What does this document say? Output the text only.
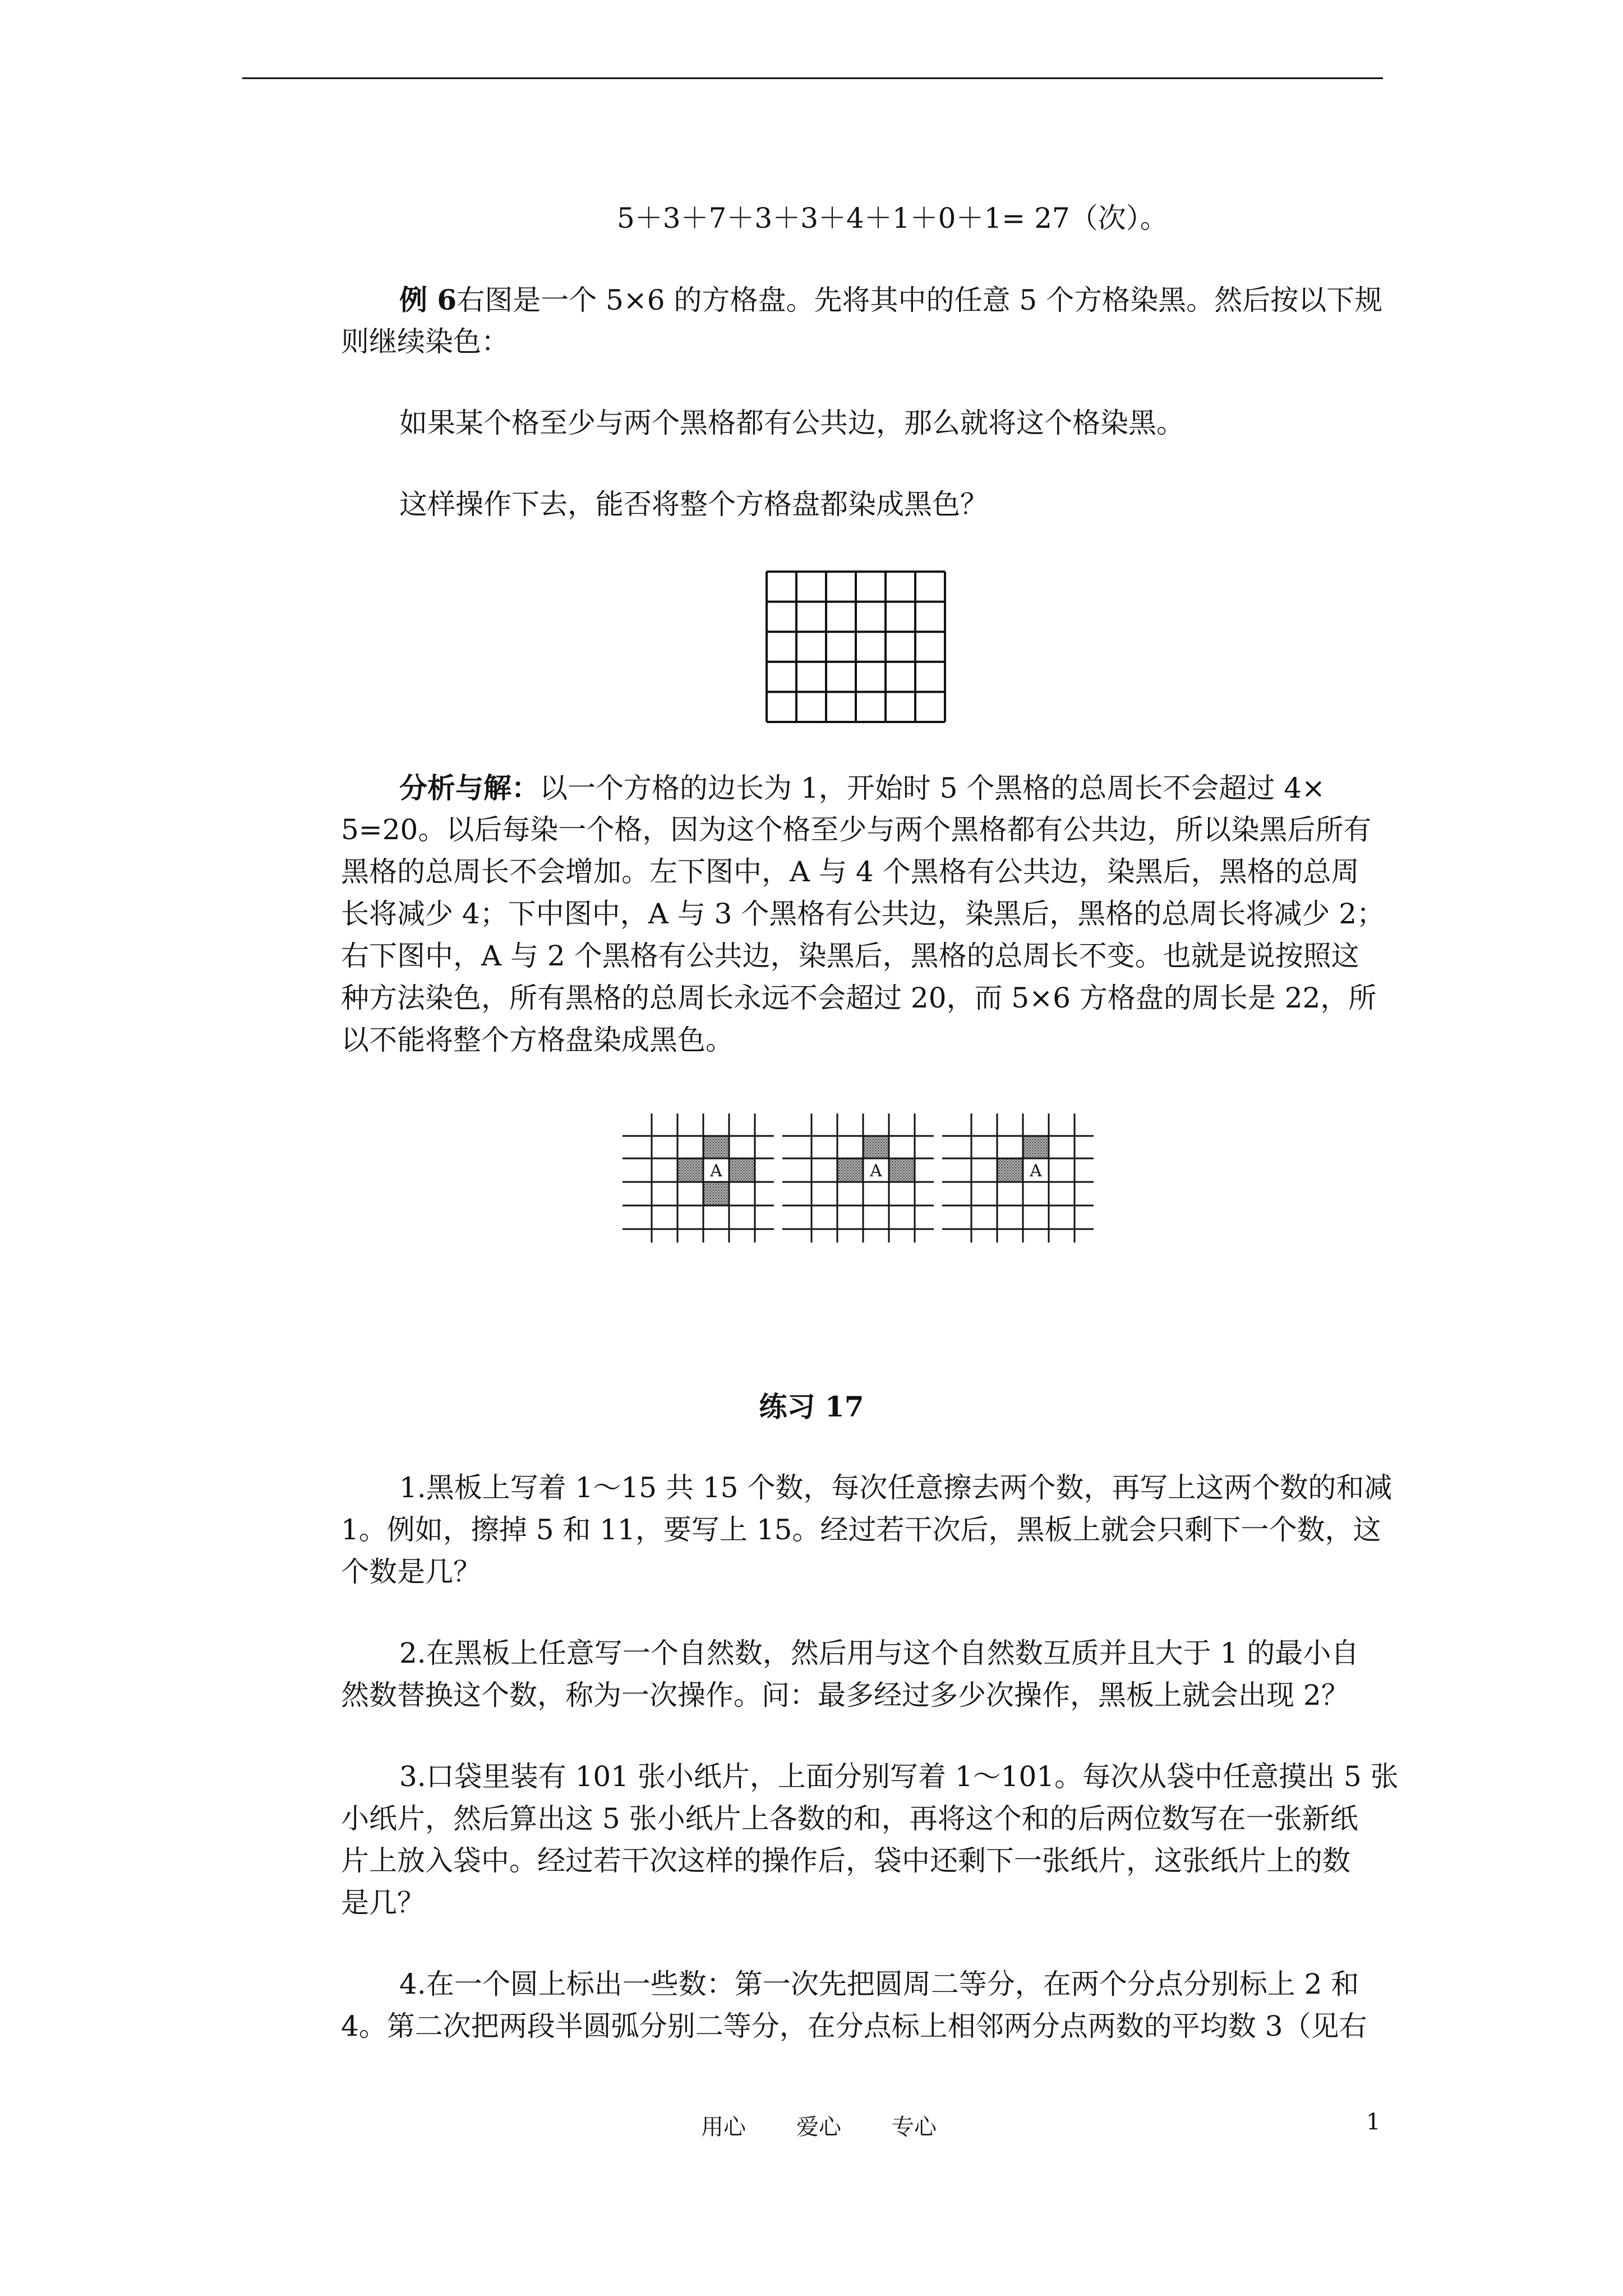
5＋3＋7＋3＋3＋4＋1＋0＋1= 27（次）。
例 6右图是一个 5×6 的方格盘。先将其中的任意 5 个方格染黑。然后按以下规
则继续染色：
如果某个格至少与两个黑格都有公共边，那么就将这个格染黑。
这样操作下去，能否将整个方格盘都染成黑色？
分析与解：以一个方格的边长为 1，开始时 5 个黑格的总周长不会超过 4×
5=20。以后每染一个格，因为这个格至少与两个黑格都有公共边，所以染黑后所有
黑格的总周长不会增加。左下图中，A 与 4 个黑格有公共边，染黑后，黑格的总周
长将减少 4；下中图中，A 与 3 个黑格有公共边，染黑后，黑格的总周长将减少 2；
右下图中，A 与 2 个黑格有公共边，染黑后，黑格的总周长不变。也就是说按照这
种方法染色，所有黑格的总周长永远不会超过 20，而 5×6 方格盘的周长是 22，所
以不能将整个方格盘染成黑色。
A	A	A
练习 17
1.黑板上写着 1～15 共 15 个数，每次任意擦去两个数，再写上这两个数的和减
1。例如，擦掉 5 和 11，要写上 15。经过若干次后，黑板上就会只剩下一个数，这
个数是几？
2.在黑板上任意写一个自然数，然后用与这个自然数互质并且大于 1 的最小自
然数替换这个数，称为一次操作。问：最多经过多少次操作，黑板上就会出现 2？
3.口袋里装有 101 张小纸片，上面分别写着 1～101。每次从袋中任意摸出 5 张
小纸片，然后算出这 5 张小纸片上各数的和，再将这个和的后两位数写在一张新纸
片上放入袋中。经过若干次这样的操作后，袋中还剩下一张纸片，这张纸片上的数
是几？
4.在一个圆上标出一些数：第一次先把圆周二等分，在两个分点分别标上 2 和
4。第二次把两段半圆弧分别二等分，在分点标上相邻两分点两数的平均数 3（见右
用心 爱心 专心	1
